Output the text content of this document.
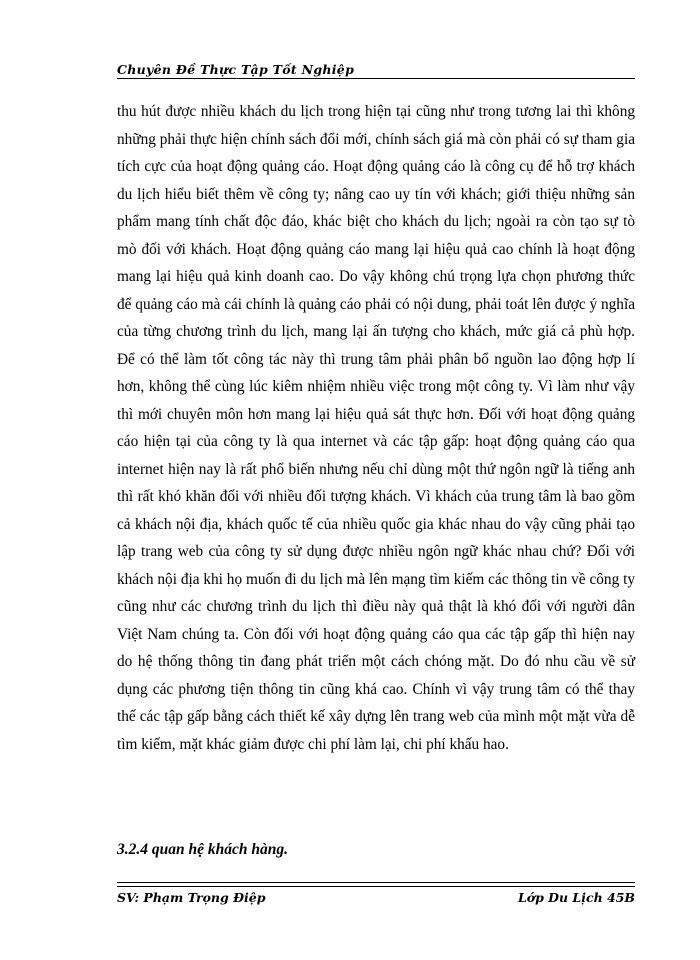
Chuyên Đề Thực Tập Tốt Nghiệp

thu hút được nhiều khách du lịch trong hiện tại cũng như trong tương lai thì không những phải thực hiện chính sách đổi mới, chính sách giá mà còn phải có sự tham gia tích cực của hoạt động quảng cáo. Hoạt động quảng cáo là công cụ để hỗ trợ khách du lịch hiểu biết thêm về công ty; nâng cao uy tín với khách; giới thiệu những sản phẩm mang tính chất độc đáo, khác biệt cho khách du lịch; ngoài ra còn tạo sự tò mò đối với khách. Hoạt động quảng cáo mang lại hiệu quả cao chính là hoạt động mang lại hiệu quả kinh doanh cao. Do vậy không chú trọng lựa chọn phương thức để quảng cáo mà cái chính là quảng cáo phải có nội dung, phải toát lên được ý nghĩa của từng chương trình du lịch, mang lại ấn tượng cho khách, mức giá cả phù hợp. Để có thể làm tốt công tác này thì trung tâm phải phân bổ nguồn lao động hợp lí hơn, không thể cùng lúc kiêm nhiệm nhiều việc trong một công ty. Vì làm như vậy thì mới chuyên môn hơn mang lại hiệu quả sát thực hơn. Đối với hoạt động quảng cáo hiện tại của công ty là qua internet và các tập gấp: hoạt động quảng cáo qua internet hiện nay là rất phổ biến nhưng nếu chỉ dùng một thứ ngôn ngữ là tiếng anh thì rất khó khăn đối với nhiều đối tượng khách. Vì khách của trung tâm là bao gồm cả khách nội địa, khách quốc tế của nhiều quốc gia khác nhau do vậy cũng phải tạo lập trang web của công ty sử dụng được nhiều ngôn ngữ khác nhau chứ? Đối với khách nội địa khi họ muốn đi du lịch mà lên mạng tìm kiếm các thông tin về công ty cũng như các chương trình du lịch thì điều này quả thật là khó đối với người dân Việt Nam chúng ta. Còn đối với hoạt động quảng cáo qua các tập gấp thì hiện nay do hệ thống thông tin đang phát triển một cách chóng mặt. Do đó nhu cầu về sử dụng các phương tiện thông tin cũng khá cao. Chính vì vậy trung tâm có thể thay thế các tập gấp bằng cách thiết kế xây dựng lên trang web của mình một mặt vừa dễ tìm kiếm, mặt khác giảm được chi phí làm lại, chi phí khấu hao.

3.2.4 quan hệ khách hàng.

SV: Phạm Trọng Điệp	Lớp Du Lịch 45B
